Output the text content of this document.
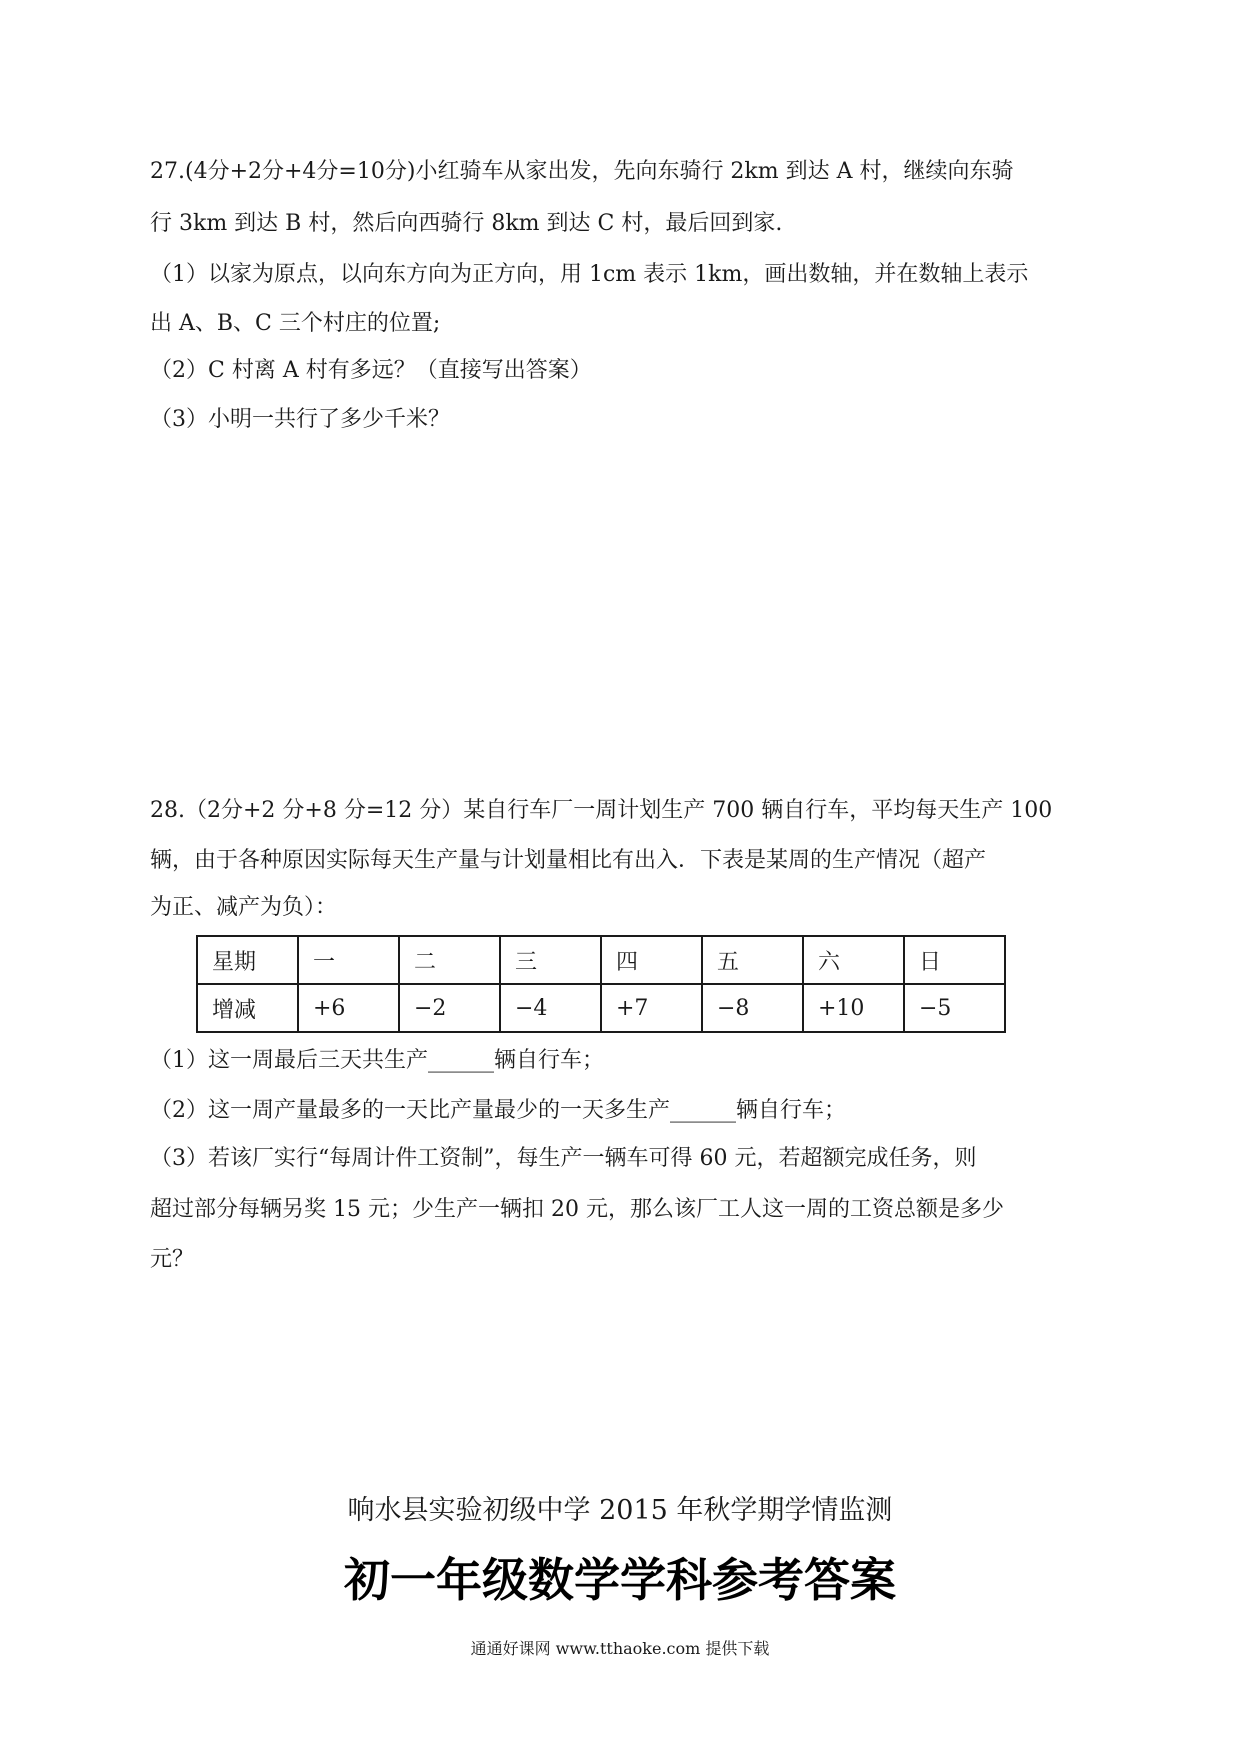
27.(4分+2分+4分=10分)小红骑车从家出发，先向东骑行 2km 到达 A 村，继续向东骑
行 3km 到达 B 村，然后向西骑行 8km 到达 C 村，最后回到家.
（1）以家为原点，以向东方向为正方向，用 1cm 表示 1km，画出数轴，并在数轴上表示
出 A、B、C 三个村庄的位置;
（2）C 村离 A 村有多远？（直接写出答案）
（3）小明一共行了多少千米？
28.（2分+2 分+8 分=12 分）某自行车厂一周计划生产 700 辆自行车，平均每天生产 100
辆，由于各种原因实际每天生产量与计划量相比有出入．下表是某周的生产情况（超产
为正、减产为负）：
星期	一	二	三	四	五	六	日
增减	+6	−2	−4	+7	−8	+10	−5
（1）这一周最后三天共生产______辆自行车；
（2）这一周产量最多的一天比产量最少的一天多生产______辆自行车；
（3）若该厂实行“每周计件工资制”，每生产一辆车可得 60 元，若超额完成任务，则
超过部分每辆另奖 15 元；少生产一辆扣 20 元，那么该厂工人这一周的工资总额是多少
元？
响水县实验初级中学 2015 年秋学期学情监测
初一年级数学学科参考答案
通通好课网 www.tthaoke.com 提供下载
